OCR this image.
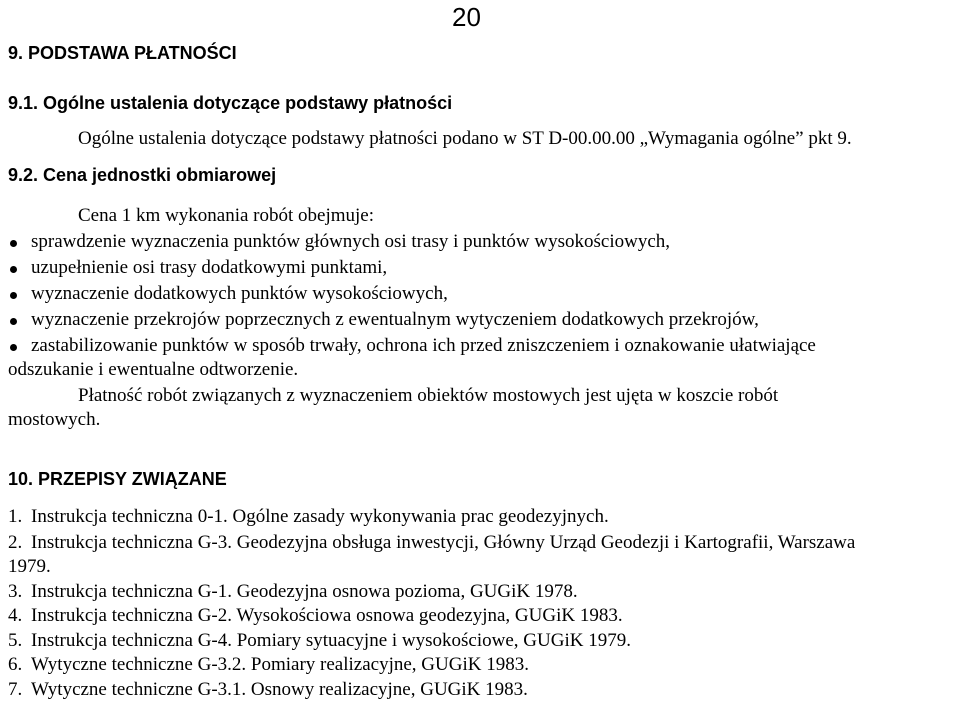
20
9. PODSTAWA PŁATNOŚCI
9.1. Ogólne ustalenia dotyczące podstawy płatności
Ogólne ustalenia dotyczące podstawy płatności podano w ST D-00.00.00 „Wymagania ogólne” pkt 9.
9.2. Cena jednostki obmiarowej
Cena 1 km wykonania robót obejmuje:
sprawdzenie wyznaczenia punktów głównych osi trasy i punktów wysokościowych,
uzupełnienie osi trasy dodatkowymi punktami,
wyznaczenie dodatkowych punktów wysokościowych,
wyznaczenie przekrojów poprzecznych z ewentualnym wytyczeniem dodatkowych przekrojów,
zastabilizowanie punktów w sposób trwały, ochrona ich przed zniszczeniem i oznakowanie ułatwiające
odszukanie i ewentualne odtworzenie.
Płatność robót związanych z wyznaczeniem obiektów mostowych jest ujęta w koszcie robót
mostowych.
10. PRZEPISY ZWIĄZANE
1. Instrukcja techniczna 0-1. Ogólne zasady wykonywania prac geodezyjnych.
2. Instrukcja techniczna G-3. Geodezyjna obsługa inwestycji, Główny Urząd Geodezji i Kartografii, Warszawa
1979.
3. Instrukcja techniczna G-1. Geodezyjna osnowa pozioma, GUGiK 1978.
4. Instrukcja techniczna G-2. Wysokościowa osnowa geodezyjna, GUGiK 1983.
5. Instrukcja techniczna G-4. Pomiary sytuacyjne i wysokościowe, GUGiK 1979.
6. Wytyczne techniczne G-3.2. Pomiary realizacyjne, GUGiK 1983.
7. Wytyczne techniczne G-3.1. Osnowy realizacyjne, GUGiK 1983.
